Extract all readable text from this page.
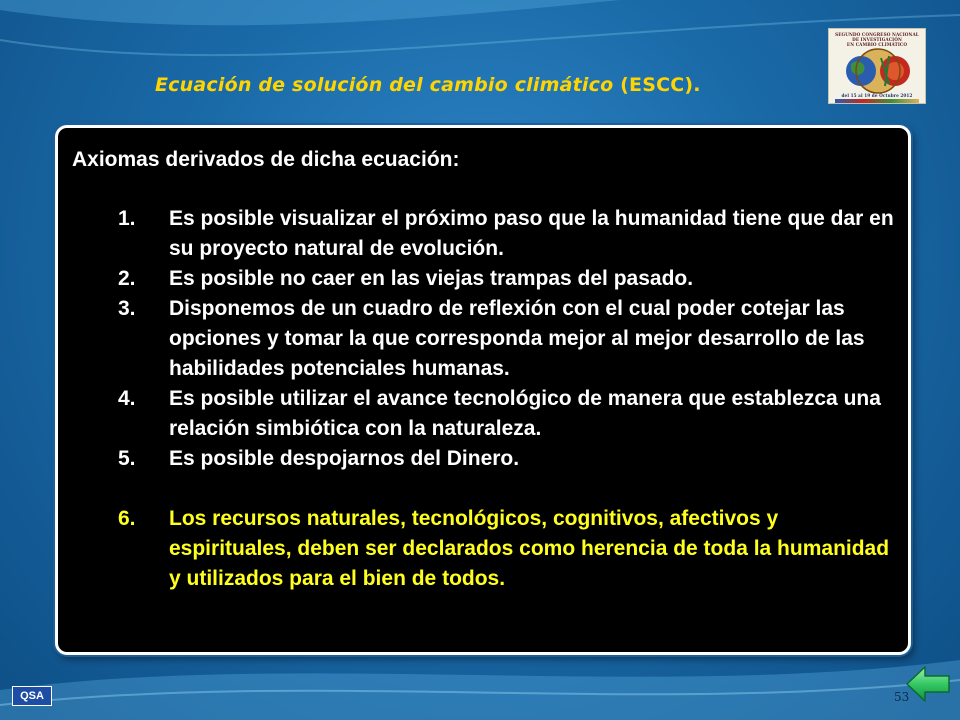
Ecuación de solución del cambio climático (ESCC).
SEGUNDO CONGRESO NACIONAL
DE INVESTIGACIÓN
EN CAMBIO CLIMÁTICO
del 15 al 19 de Octubre 2012
Axiomas derivados de dicha ecuación:
1. Es posible visualizar el próximo paso que la humanidad tiene que dar en su proyecto natural de evolución.
2. Es posible no caer en las viejas trampas del pasado.
3. Disponemos de un cuadro de reflexión con el cual poder cotejar las opciones y tomar la que corresponda mejor al mejor desarrollo de las habilidades potenciales humanas.
4. Es posible utilizar el avance tecnológico de manera que establezca una relación simbiótica con la naturaleza.
5. Es posible despojarnos del Dinero.
6. Los recursos naturales, tecnológicos, cognitivos, afectivos y espirituales, deben ser declarados como herencia de toda la humanidad y utilizados para el bien de todos.
QSA	53
